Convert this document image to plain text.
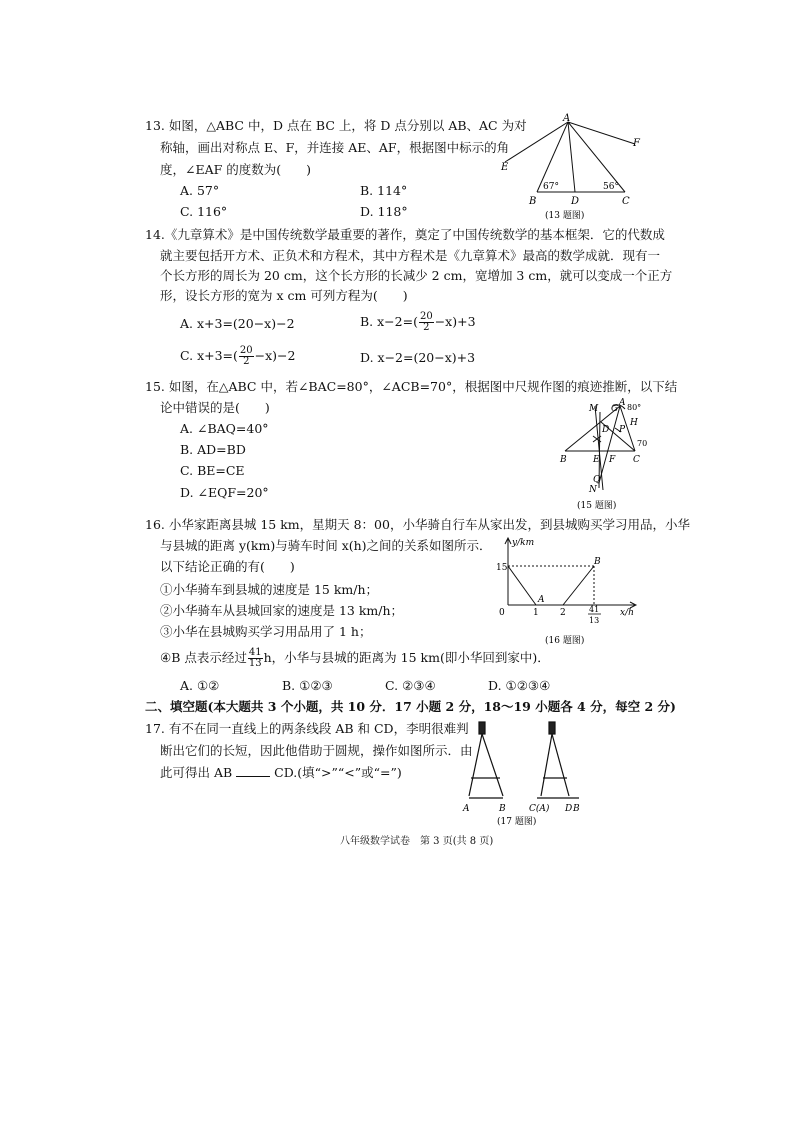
13. 如图，△ABC 中，D 点在 BC 上，将 D 点分别以 AB、AC 为对
称轴，画出对称点 E、F，并连接 AE、AF，根据图中标示的角
度，∠EAF 的度数为(　　)
A. 57°	B. 114°
C. 116°	D. 118°
A
B	C
D
E
F
67°	56°
(13 题图)
14.《九章算术》是中国传统数学最重要的著作，奠定了中国传统数学的基本框架．它的代数成
就主要包括开方术、正负术和方程术，其中方程术是《九章算术》最高的数学成就．现有一
个长方形的周长为 20 cm，这个长方形的长减少 2 cm，宽增加 3 cm，就可以变成一个正方
形，设长方形的宽为 x cm 可列方程为(　　)
A. x+3=(20−x)−2	B. $x-2=( \frac{20}{2} -x)+3$
C. $x+3=( \frac{20}{2} -x)-2$	D. x−2=(20−x)+3
15. 如图，在△ABC 中，若∠BAC=80°，∠ACB=70°，根据图中尺规作图的痕迹推断，以下结
论中错误的是(　　)
A. ∠BAQ=40°
B. AD=BD
C. BE=CE
D. ∠EQF=20°
M G
A 80°
H
D P
70
B	E F C
Q
N
(15 题图)
16. 小华家距离县城 15 km，星期天 8：00，小华骑自行车从家出发，到县城购买学习用品，小华
与县城的距离 y(km)与骑车时间 x(h)之间的关系如图所示．
以下结论正确的有(　　)
①小华骑车到县城的速度是 15 km/h；
②小华骑车从县城回家的速度是 13 km/h；
③小华在县城购买学习用品用了 1 h；
④B 点表示经过 $\frac{41}{13}$ h，小华与县城的距离为 15 km(即小华回到家中)．
A. ①②	B. ①②③	C. ②③④	D. ①②③④
y/km
x/h
15
0	1 2	41
13
A
B
(16 题图)
二、填空题(本大题共 3 个小题，共 10 分．17 小题 2 分，18～19 小题各 4 分，每空 2 分)
17. 有不在同一直线上的两条线段 AB 和 CD，李明很难判
断出它们的长短，因此他借助于圆规，操作如图所示．由
此可得出 AB	CD.(填“>”“<”或“=”)
A	B	C(A) D B
(17 题图)
八年级数学试卷　第 3 页(共 8 页)
